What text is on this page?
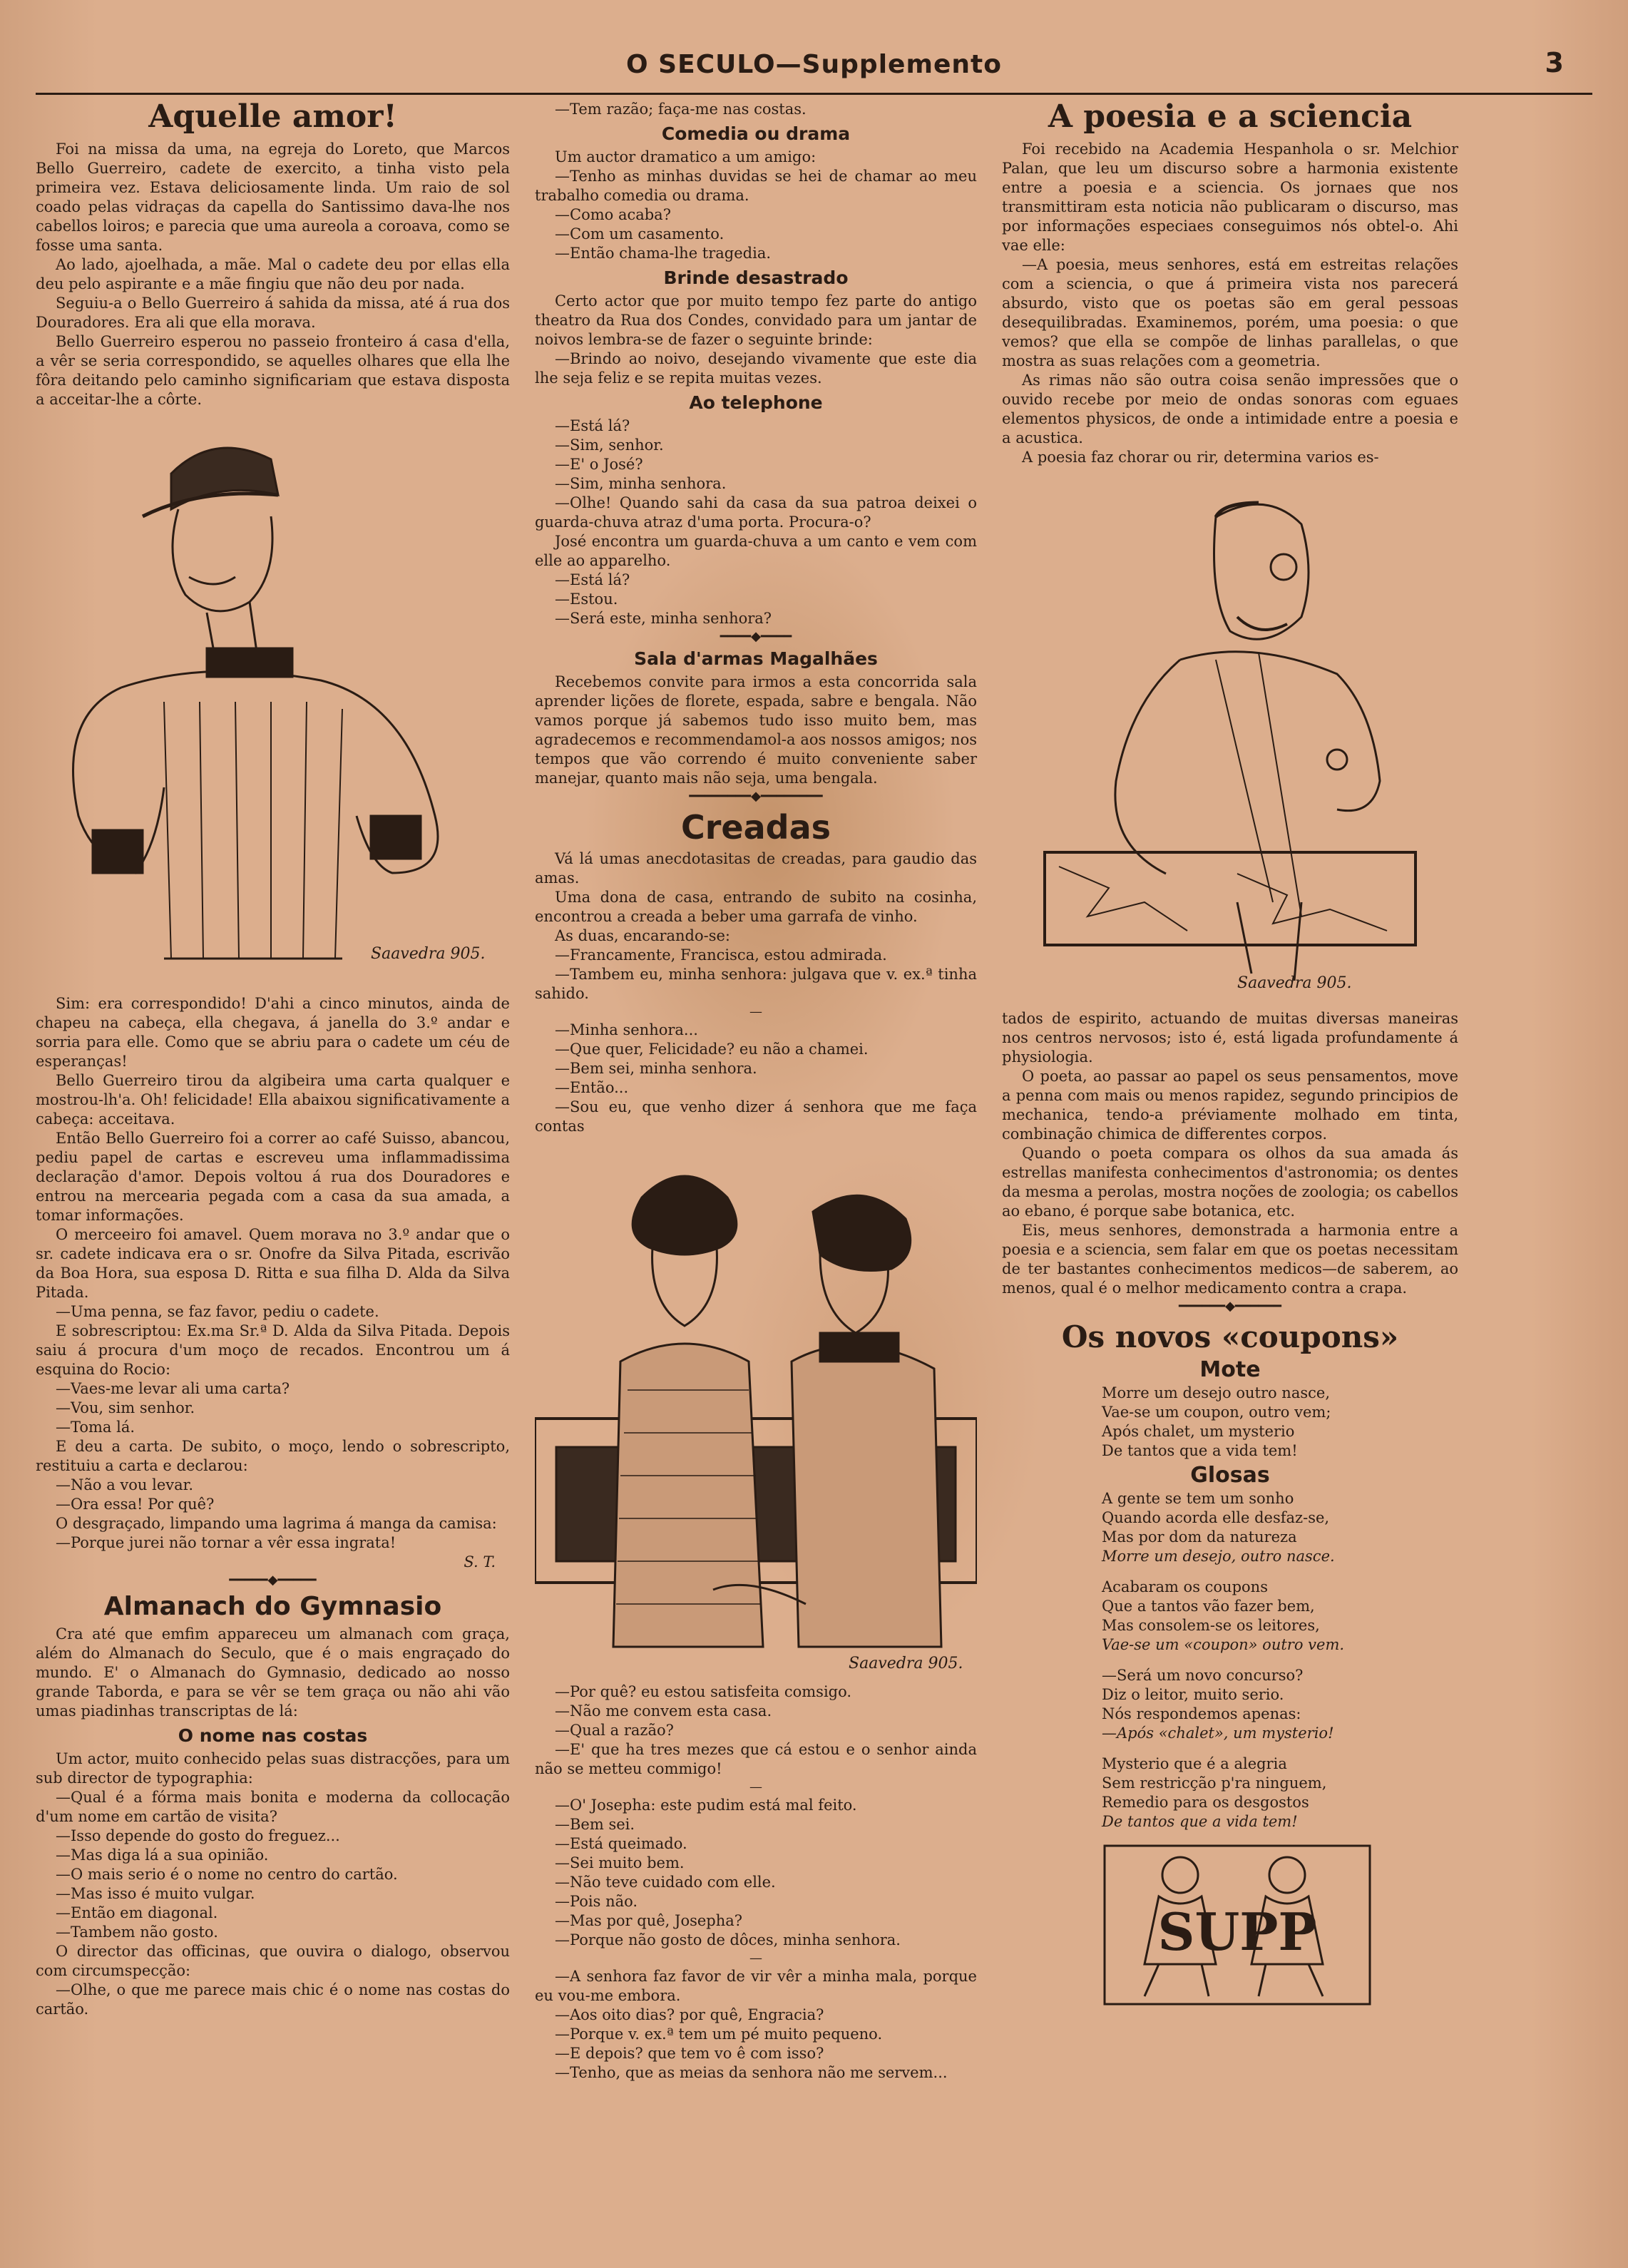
O SECULO—Supplemento	3
Aquelle amor!

Foi na missa da uma, na egreja do Loreto, que Marcos Bello Guerreiro, cadete de exercito, a tinha visto pela primeira vez. Estava deliciosamente linda. Um raio de sol coado pelas vidraças da capella do Santissimo dava-lhe nos cabellos loiros; e parecia que uma aureola a coroava, como se fosse uma santa.

Ao lado, ajoelhada, a mãe. Mal o cadete deu por ellas ella deu pelo aspirante e a mãe fingiu que não deu por nada.

Seguiu-a o Bello Guerreiro á sahida da missa, até á rua dos Douradores. Era ali que ella morava.

Bello Guerreiro esperou no passeio fronteiro á casa d'ella, a vêr se seria correspondido, se aquelles olhares que ella lhe fôra deitando pelo caminho significariam que estava disposta a acceitar-lhe a côrte.

Saavedra 905.

Sim: era correspondido! D'ahi a cinco minutos, ainda de chapeu na cabeça, ella chegava, á janella do 3.º andar e sorria para elle. Como que se abriu para o cadete um céu de esperanças!

Bello Guerreiro tirou da algibeira uma carta qualquer e mostrou-lh'a. Oh! felicidade! Ella abaixou significativamente a cabeça: acceitava.

Então Bello Guerreiro foi a correr ao café Suisso, abancou, pediu papel de cartas e escreveu uma inflammadissima declaração d'amor. Depois voltou á rua dos Douradores e entrou na mercearia pegada com a casa da sua amada, a tomar informações.

O merceeiro foi amavel. Quem morava no 3.º andar que o sr. cadete indicava era o sr. Onofre da Silva Pitada, escrivão da Boa Hora, sua esposa D. Ritta e sua filha D. Alda da Silva Pitada.

—Uma penna, se faz favor, pediu o cadete.

E sobrescriptou: Ex.ma Sr.ª D. Alda da Silva Pitada. Depois saiu á procura d'um moço de recados. Encontrou um á esquina do Rocio:

—Vaes-me levar ali uma carta?

—Vou, sim senhor.

—Toma lá.

E deu a carta. De subito, o moço, lendo o sobrescripto, restituiu a carta e declarou:

—Não a vou levar.

—Ora essa! Por quê?

O desgraçado, limpando uma lagrima á manga da camisa:

—Porque jurei não tornar a vêr essa ingrata!

S. T.
━━━━━◆━━━━━
Almanach do Gymnasio

Cra até que emfim appareceu um almanach com graça, além do Almanach do Seculo, que é o mais engraçado do mundo. E' o Almanach do Gymnasio, dedicado ao nosso grande Taborda, e para se vêr se tem graça ou não ahi vão umas piadinhas transcriptas de lá:

O nome nas costas

Um actor, muito conhecido pelas suas distracções, para um sub director de typographia:

—Qual é a fórma mais bonita e moderna da collocação d'um nome em cartão de visita?

—Isso depende do gosto do freguez...

—Mas diga lá a sua opinião.

—O mais serio é o nome no centro do cartão.

—Mas isso é muito vulgar.

—Então em diagonal.

—Tambem não gosto.

O director das officinas, que ouvira o dialogo, observou com circumspecção:

—Olhe, o que me parece mais chic é o nome nas costas do cartão.

—Tem razão; faça-me nas costas.

Comedia ou drama

Um auctor dramatico a um amigo:

—Tenho as minhas duvidas se hei de chamar ao meu trabalho comedia ou drama.

—Como acaba?

—Com um casamento.

—Então chama-lhe tragedia.

Brinde desastrado

Certo actor que por muito tempo fez parte do antigo theatro da Rua dos Condes, convidado para um jantar de noivos lembra-se de fazer o seguinte brinde:

—Brindo ao noivo, desejando vivamente que este dia lhe seja feliz e se repita muitas vezes.

Ao telephone

—Está lá?

—Sim, senhor.

—E' o José?

—Sim, minha senhora.

—Olhe! Quando sahi da casa da sua patroa deixei o guarda-chuva atraz d'uma porta. Procura-o?

José encontra um guarda-chuva a um canto e vem com elle ao apparelho.

—Está lá?

—Estou.

—Será este, minha senhora?

━━━━◆━━━━
Sala d'armas Magalhães

Recebemos convite para irmos a esta concorrida sala aprender lições de florete, espada, sabre e bengala. Não vamos porque já sabemos tudo isso muito bem, mas agradecemos e recommendamol-a aos nossos amigos; nos tempos que vão correndo é muito conveniente saber manejar, quanto mais não seja, uma bengala.

━━━━━━━━◆━━━━━━━━
Creadas

Vá lá umas anecdotasitas de creadas, para gaudio das amas.

Uma dona de casa, entrando de subito na cosinha, encontrou a creada a beber uma garrafa de vinho.

As duas, encarando-se:

—Francamente, Francisca, estou admirada.

—Tambem eu, minha senhora: julgava que v. ex.ª tinha sahido.

—

—Minha senhora...

—Que quer, Felicidade? eu não a chamei.

—Bem sei, minha senhora.

—Então...

—Sou eu, que venho dizer á senhora que me faça contas

Saavedra 905.

—Por quê? eu estou satisfeita comsigo.

—Não me convem esta casa.

—Qual a razão?

—E' que ha tres mezes que cá estou e o senhor ainda não se metteu commigo!

—

—O' Josepha: este pudim está mal feito.

—Bem sei.

—Está queimado.

—Sei muito bem.

—Não teve cuidado com elle.

—Pois não.

—Mas por quê, Josepha?

—Porque não gosto de dôces, minha senhora.

—

—A senhora faz favor de vir vêr a minha mala, porque eu vou-me embora.

—Aos oito dias? por quê, Engracia?

—Porque v. ex.ª tem um pé muito pequeno.

—E depois? que tem vo ê com isso?

—Tenho, que as meias da senhora não me servem...

A poesia e a sciencia

Foi recebido na Academia Hespanhola o sr. Melchior Palan, que leu um discurso sobre a harmonia existente entre a poesia e a sciencia. Os jornaes que nos transmittiram esta noticia não publicaram o discurso, mas por informações especiaes conseguimos nós obtel-o. Ahi vae elle:

—A poesia, meus senhores, está em estreitas relações com a sciencia, o que á primeira vista nos parecerá absurdo, visto que os poetas são em geral pessoas desequilibradas. Examinemos, porém, uma poesia: o que vemos? que ella se compõe de linhas parallelas, o que mostra as suas relações com a geometria.

As rimas não são outra coisa senão impressões que o ouvido recebe por meio de ondas sonoras com eguaes elementos physicos, de onde a intimidade entre a poesia e a acustica.

A poesia faz chorar ou rir, determina varios es-

Saavedra 905.

tados de espirito, actuando de muitas diversas maneiras nos centros nervosos; isto é, está ligada profundamente á physiologia.

O poeta, ao passar ao papel os seus pensamentos, move a penna com mais ou menos rapidez, segundo principios de mechanica, tendo-a préviamente molhado em tinta, combinação chimica de differentes corpos.

Quando o poeta compara os olhos da sua amada ás estrellas manifesta conhecimentos d'astronomia; os dentes da mesma a perolas, mostra noções de zoologia; os cabellos ao ebano, é porque sabe botanica, etc.

Eis, meus senhores, demonstrada a harmonia entre a poesia e a sciencia, sem falar em que os poetas necessitam de ter bastantes conhecimentos medicos—de saberem, ao menos, qual é o melhor medicamento contra a crapa.

━━━━━━◆━━━━━━
Os novos «coupons»
Mote
Morre um desejo outro nasce,
Vae-se um coupon, outro vem;
Após chalet, um mysterio
De tantos que a vida tem!
Glosas
A gente se tem um sonho
Quando acorda elle desfaz-se,
Mas por dom da natureza
Morre um desejo, outro nasce.
Acabaram os coupons
Que a tantos vão fazer bem,
Mas consolem-se os leitores,
Vae-se um «coupon» outro vem.
—Será um novo concurso?
Diz o leitor, muito serio.
Nós respondemos apenas:
—Após «chalet», um mysterio!
Mysterio que é a alegria
Sem restricção p'ra ninguem,
Remedio para os desgostos
De tantos que a vida tem!
SUPP
